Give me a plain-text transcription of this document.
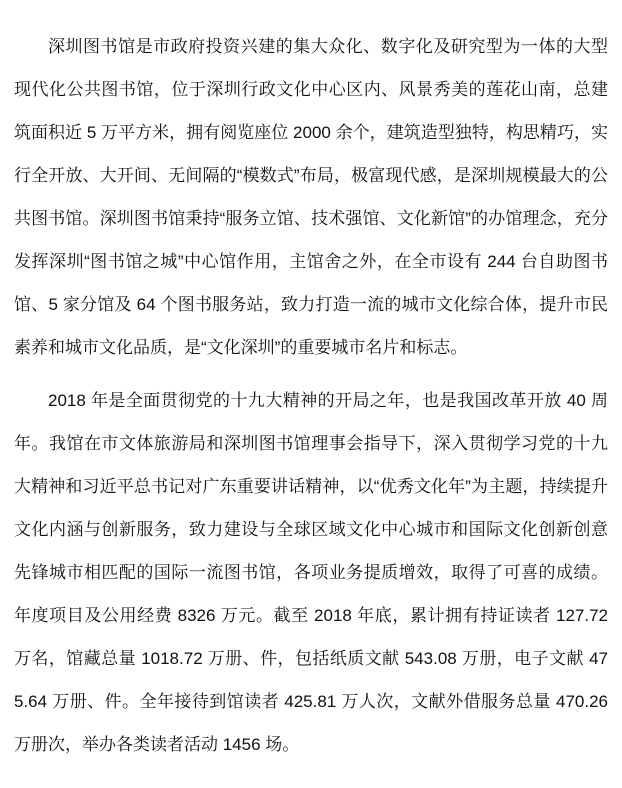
深圳图书馆是市政府投资兴建的集大众化、数字化及研究型为一体的大型现代化公共图书馆，位于深圳行政文化中心区内、风景秀美的莲花山南，总建筑面积近 5 万平方米，拥有阅览座位 2000 余个，建筑造型独特，构思精巧，实行全开放、大开间、无间隔的“模数式”布局，极富现代感，是深圳规模最大的公共图书馆。深圳图书馆秉持“服务立馆、技术强馆、文化新馆”的办馆理念，充分发挥深圳“图书馆之城”中心馆作用，主馆舍之外，在全市设有 244 台自助图书馆、5 家分馆及 64 个图书服务站，致力打造一流的城市文化综合体，提升市民素养和城市文化品质，是“文化深圳”的重要城市名片和标志。

2018 年是全面贯彻党的十九大精神的开局之年，也是我国改革开放 40 周年。我馆在市文体旅游局和深圳图书馆理事会指导下，深入贯彻学习党的十九大精神和习近平总书记对广东重要讲话精神，以“优秀文化年”为主题，持续提升文化内涵与创新服务，致力建设与全球区域文化中心城市和国际文化创新创意先锋城市相匹配的国际一流图书馆，各项业务提质增效，取得了可喜的成绩。年度项目及公用经费 8326 万元。截至 2018 年底，累计拥有持证读者 127.72 万名，馆藏总量 1018.72 万册、件，包括纸质文献 543.08 万册，电子文献 475.64 万册、件。全年接待到馆读者 425.81 万人次，文献外借服务总量 470.26 万册次，举办各类读者活动 1456 场。
